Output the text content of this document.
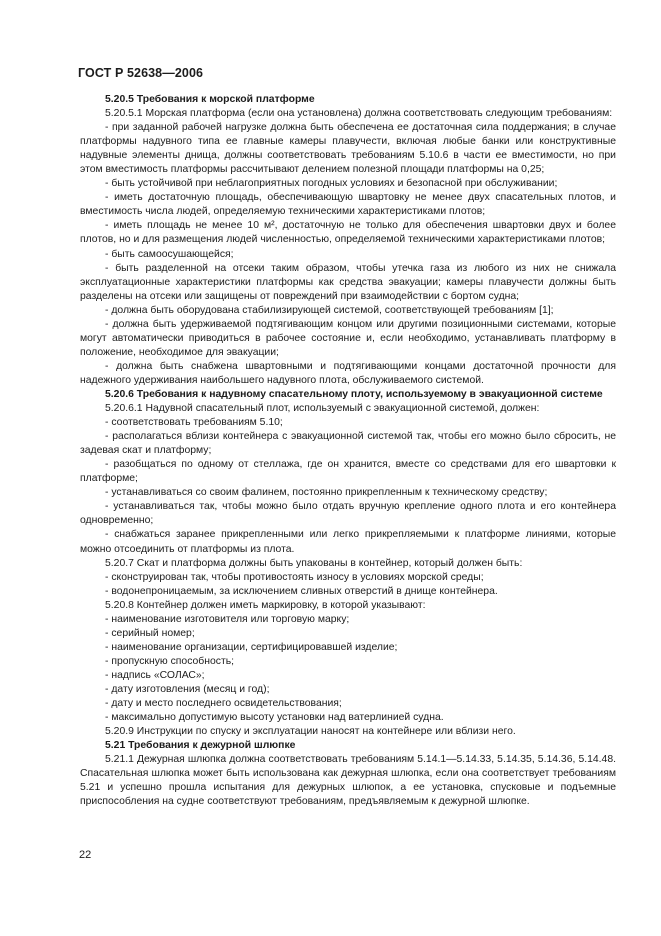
ГОСТ Р 52638—2006

5.20.5 Требования к морской платформе

5.20.5.1 Морская платформа (если она установлена) должна соответствовать следующим требованиям:

- при заданной рабочей нагрузке должна быть обеспечена ее достаточная сила поддержания; в случае платформы надувного типа ее главные камеры плавучести, включая любые банки или конструктивные надувные элементы днища, должны соответствовать требованиям 5.10.6 в части ее вместимости, но при этом вместимость платформы рассчитывают делением полезной площади платформы на 0,25;

- быть устойчивой при неблагоприятных погодных условиях и безопасной при обслуживании;

- иметь достаточную площадь, обеспечивающую швартовку не менее двух спасательных плотов, и вместимость числа людей, определяемую техническими характеристиками плотов;

- иметь площадь не менее 10 м², достаточную не только для обеспечения швартовки двух и более плотов, но и для размещения людей численностью, определяемой техническими характеристиками плотов;

- быть самоосушающейся;

- быть разделенной на отсеки таким образом, чтобы утечка газа из любого из них не снижала эксплуатационные характеристики платформы как средства эвакуации; камеры плавучести должны быть разделены на отсеки или защищены от повреждений при взаимодействии с бортом судна;

- должна быть оборудована стабилизирующей системой, соответствующей требованиям [1];

- должна быть удерживаемой подтягивающим концом или другими позиционными системами, которые могут автоматически приводиться в рабочее состояние и, если необходимо, устанавливать платформу в положение, необходимое для эвакуации;

- должна быть снабжена швартовными и подтягивающими концами достаточной прочности для надежного удерживания наибольшего надувного плота, обслуживаемого системой.

5.20.6 Требования к надувному спасательному плоту, используемому в эвакуационной системе

5.20.6.1 Надувной спасательный плот, используемый с эвакуационной системой, должен:

- соответствовать требованиям 5.10;

- располагаться вблизи контейнера с эвакуационной системой так, чтобы его можно было сбросить, не задевая скат и платформу;

- разобщаться по одному от стеллажа, где он хранится, вместе со средствами для его швартовки к платформе;

- устанавливаться со своим фалинем, постоянно прикрепленным к техническому средству;

- устанавливаться так, чтобы можно было отдать вручную крепление одного плота и его контейнера одновременно;

- снабжаться заранее прикрепленными или легко прикрепляемыми к платформе линиями, которые можно отсоединить от платформы из плота.

5.20.7 Скат и платформа должны быть упакованы в контейнер, который должен быть:

- сконструирован так, чтобы противостоять износу в условиях морской среды;

- водонепроницаемым, за исключением сливных отверстий в днище контейнера.

5.20.8 Контейнер должен иметь маркировку, в которой указывают:

- наименование изготовителя или торговую марку;

- серийный номер;

- наименование организации, сертифицировавшей изделие;

- пропускную способность;

- надпись «СОЛАС»;

- дату изготовления (месяц и год);

- дату и место последнего освидетельствования;

- максимально допустимую высоту установки над ватерлинией судна.

5.20.9 Инструкции по спуску и эксплуатации наносят на контейнере или вблизи него.

5.21 Требования к дежурной шлюпке

5.21.1 Дежурная шлюпка должна соответствовать требованиям 5.14.1—5.14.33, 5.14.35, 5.14.36, 5.14.48. Спасательная шлюпка может быть использована как дежурная шлюпка, если она соответствует требованиям 5.21 и успешно прошла испытания для дежурных шлюпок, а ее установка, спусковые и подъемные приспособления на судне соответствуют требованиям, предъявляемым к дежурной шлюпке.

22
